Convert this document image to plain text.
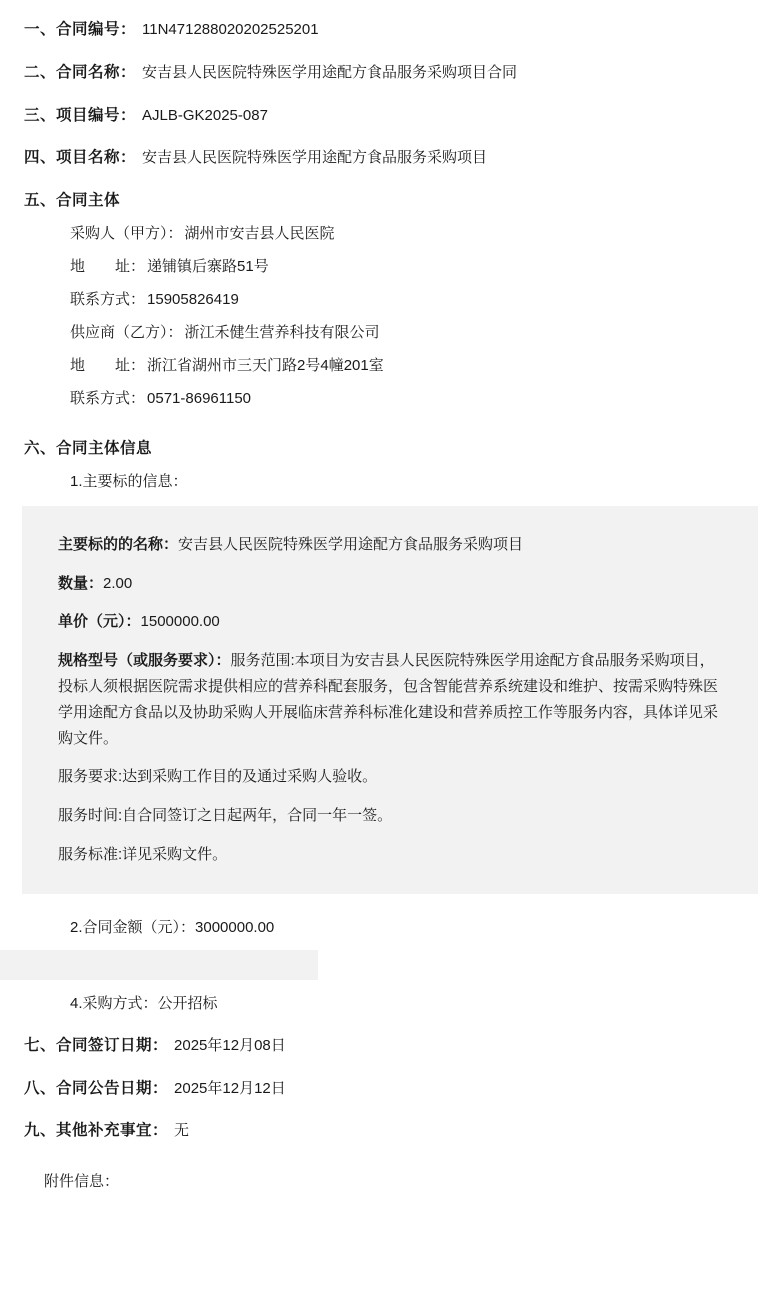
一、合同编号： 11N471288020202525201
二、合同名称： 安吉县人民医院特殊医学用途配方食品服务采购项目合同
三、项目编号： AJLB-GK2025-087
四、项目名称： 安吉县人民医院特殊医学用途配方食品服务采购项目
五、合同主体
采购人（甲方）： 湖州市安吉县人民医院
地　　址： 递铺镇后寨路51号
联系方式： 15905826419
供应商（乙方）： 浙江禾健生营养科技有限公司
地　　址： 浙江省湖州市三天门路2号4幢201室
联系方式： 0571-86961150
六、合同主体信息
1.主要标的信息：
主要标的的名称：安吉县人民医院特殊医学用途配方食品服务采购项目
数量：2.00
单价（元）：1500000.00
规格型号（或服务要求）：服务范围:本项目为安吉县人民医院特殊医学用途配方食品服务采购项目，投标人须根据医院需求提供相应的营养科配套服务，包含智能营养系统建设和维护、按需采购特殊医学用途配方食品以及协助采购人开展临床营养科标准化建设和营养质控工作等服务内容，具体详见采购文件。
服务要求:达到采购工作目的及通过采购人验收。
服务时间:自合同签订之日起两年，合同一年一签。
服务标准:详见采购文件。
2.合同金额（元）：3000000.00
4.采购方式：公开招标
七、合同签订日期： 2025年12月08日
八、合同公告日期： 2025年12月12日
九、其他补充事宜： 无
附件信息：
